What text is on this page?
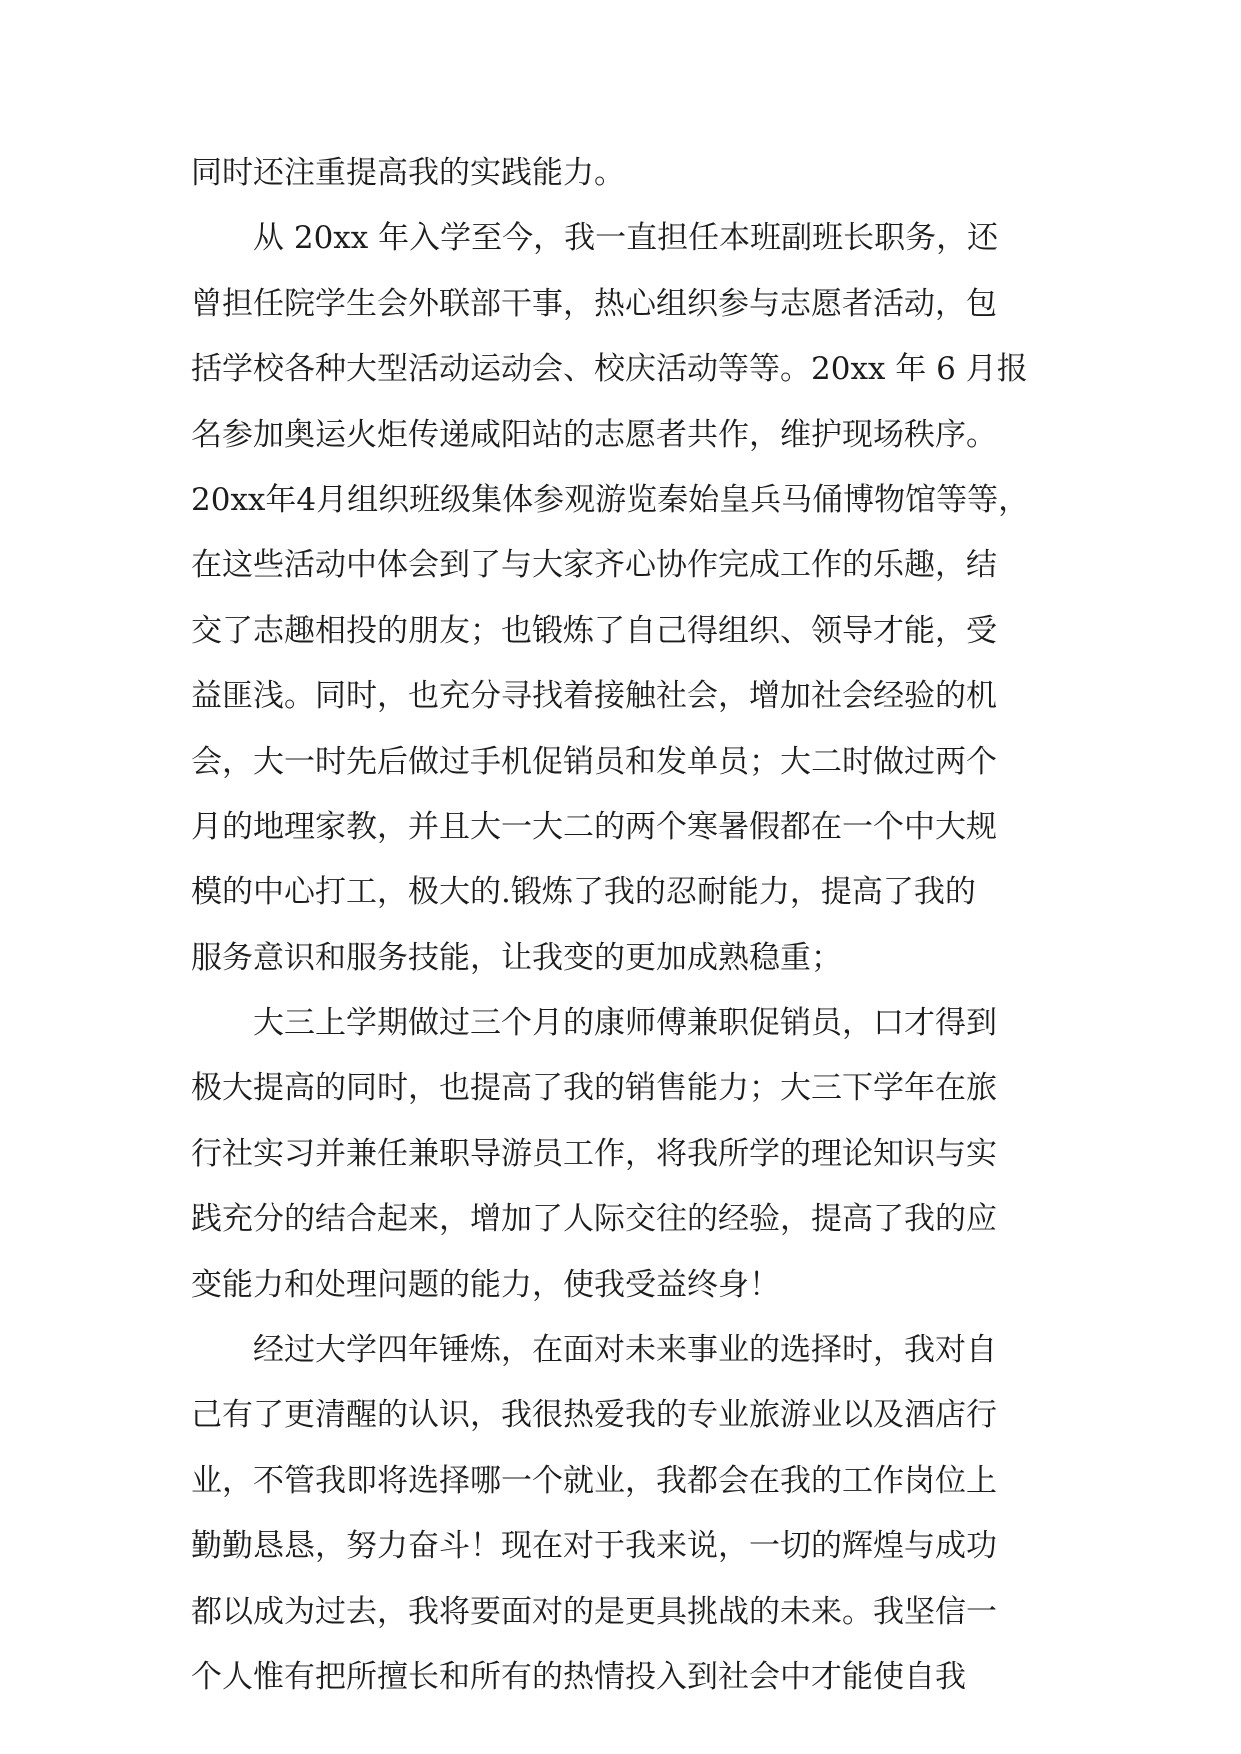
同时还注重提高我的实践能力。
从 20xx 年入学至今，我一直担任本班副班长职务，还
曾担任院学生会外联部干事，热心组织参与志愿者活动，包
括学校各种大型活动运动会、校庆活动等等。20xx 年 6 月报
名参加奥运火炬传递咸阳站的志愿者共作，维护现场秩序。
20xx年4月组织班级集体参观游览秦始皇兵马俑博物馆等等，
在这些活动中体会到了与大家齐心协作完成工作的乐趣，结
交了志趣相投的朋友；也锻炼了自己得组织、领导才能，受
益匪浅。同时，也充分寻找着接触社会，增加社会经验的机
会，大一时先后做过手机促销员和发单员；大二时做过两个
月的地理家教，并且大一大二的两个寒暑假都在一个中大规
模的中心打工，极大的.锻炼了我的忍耐能力，提高了我的
服务意识和服务技能，让我变的更加成熟稳重；
大三上学期做过三个月的康师傅兼职促销员，口才得到
极大提高的同时，也提高了我的销售能力；大三下学年在旅
行社实习并兼任兼职导游员工作，将我所学的理论知识与实
践充分的结合起来，增加了人际交往的经验，提高了我的应
变能力和处理问题的能力，使我受益终身！
经过大学四年锤炼，在面对未来事业的选择时，我对自
己有了更清醒的认识，我很热爱我的专业旅游业以及酒店行
业，不管我即将选择哪一个就业，我都会在我的工作岗位上
勤勤恳恳，努力奋斗！现在对于我来说，一切的辉煌与成功
都以成为过去，我将要面对的是更具挑战的未来。我坚信一
个人惟有把所擅长和所有的热情投入到社会中才能使自我
